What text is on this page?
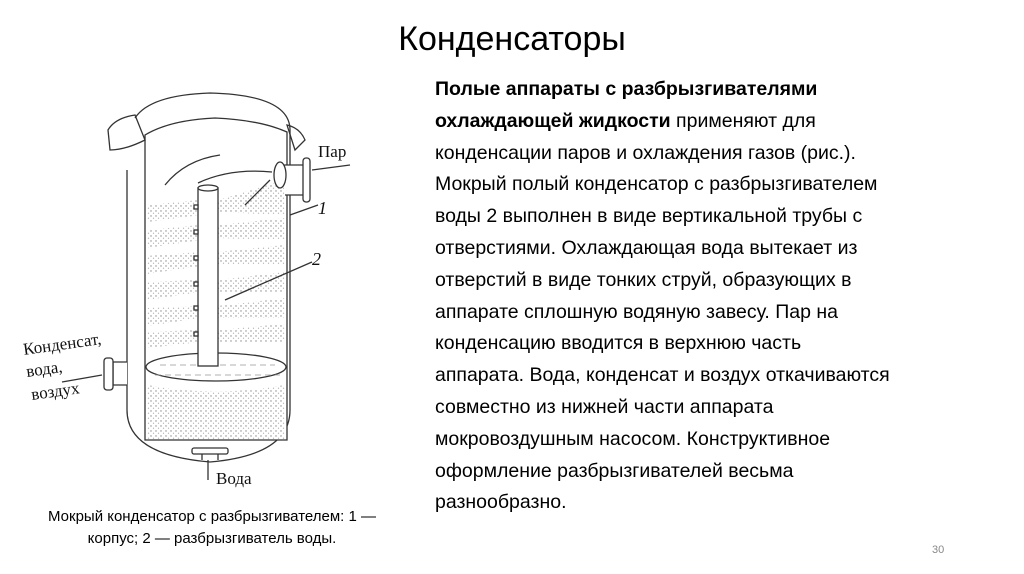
Конденсаторы
Полые аппараты с разбрызгивателями
охлаждающей жидкости применяют для
конденсации паров и охлаждения газов (рис.).
Мокрый полый конденсатор с разбрызгивателем
воды 2 выполнен в виде вертикальной трубы с
отверстиями. Охлаждающая вода вытекает из
отверстий в виде тонких струй, образующих в
аппарате сплошную водяную завесу. Пар на
конденсацию вводится в верхнюю часть
аппарата. Вода, конденсат и воздух откачиваются
совместно из нижней части аппарата
мокровоздушным насосом. Конструктивное
оформление разбрызгивателей весьма
разнообразно.
Пар
1
2
Конденсат,
вода,
воздух
Вода
Мокрый конденсатор с разбрызгивателем: 1 —
корпус; 2 — разбрызгиватель воды.
30
